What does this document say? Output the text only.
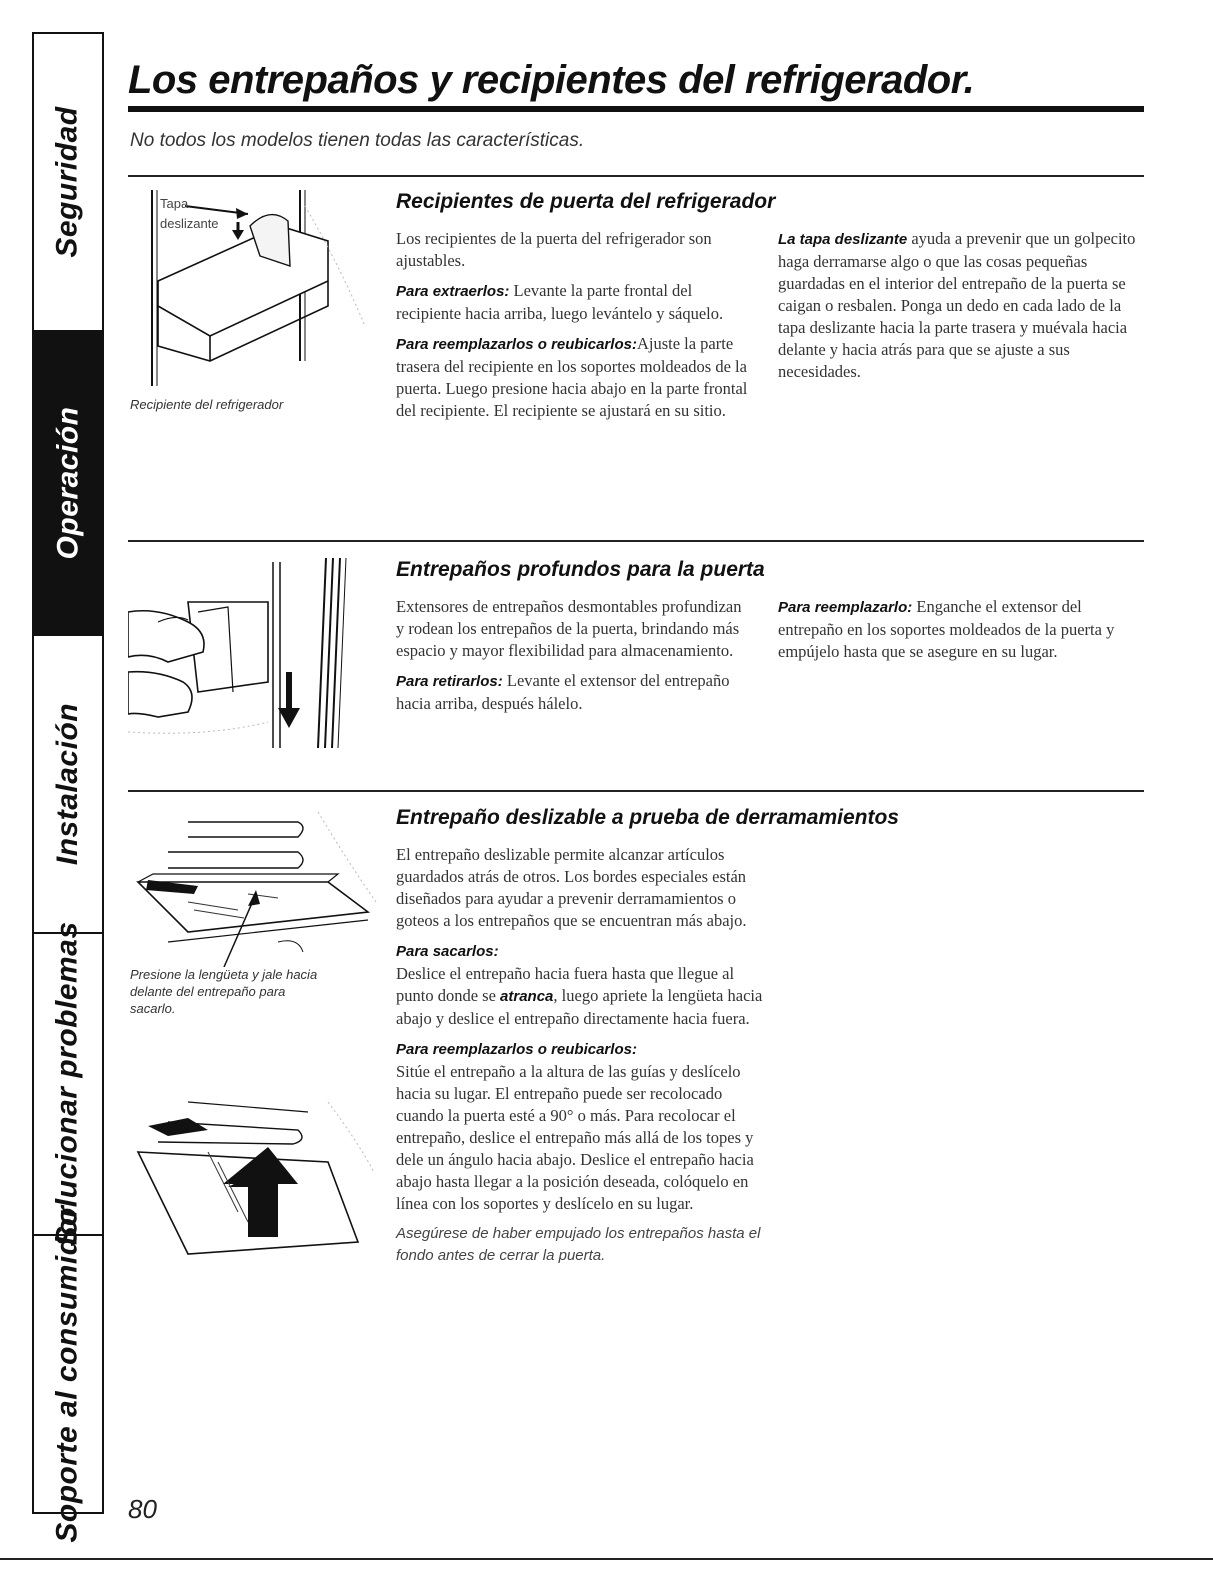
Seguridad
Operación
Instalación
Solucionar problemas
Soporte al consumidor
Los entrepaños y recipientes del refrigerador.
No todos los modelos tienen todas las características.
Tapa
deslizante
Recipiente del refrigerador
Recipientes de puerta del refrigerador

Los recipientes de la puerta del refrigerador son ajustables.

Para extraerlos: Levante la parte frontal del recipiente hacia arriba, luego levántelo y sáquelo.

Para reemplazarlos o reubicarlos:Ajuste la parte trasera del recipiente en los soportes moldeados de la puerta. Luego presione hacia abajo en la parte frontal del recipiente. El recipiente se ajustará en su sitio.

La tapa deslizante ayuda a prevenir que un golpecito haga derramarse algo o que las cosas pequeñas guardadas en el interior del entrepaño de la puerta se caigan o resbalen. Ponga un dedo en cada lado de la tapa deslizante hacia la parte trasera y muévala hacia delante y hacia atrás para que se ajuste a sus necesidades.

Entrepaños profundos para la puerta

Extensores de entrepaños desmontables profundizan y rodean los entrepaños de la puerta, brindando más espacio y mayor flexibilidad para almacenamiento.

Para retirarlos: Levante el extensor del entrepaño hacia arriba, después hálelo.

Para reemplazarlo: Enganche el extensor del entrepaño en los soportes moldeados de la puerta y empújelo hasta que se asegure en su lugar.

Presione la lengüeta y jale hacia delante del entrepaño para sacarlo.
Entrepaño deslizable a prueba de derramamientos

El entrepaño deslizable permite alcanzar artículos guardados atrás de otros. Los bordes especiales están diseñados para ayudar a prevenir derramamientos o goteos a los entrepaños que se encuentran más abajo.

Para sacarlos:
Deslice el entrepaño hacia fuera hasta que llegue al punto donde se atranca, luego apriete la lengüeta hacia abajo y deslice el entrepaño directamente hacia fuera.

Para reemplazarlos o reubicarlos:
Sitúe el entrepaño a la altura de las guías y deslícelo hacia su lugar. El entrepaño puede ser recolocado cuando la puerta esté a 90° o más. Para recolocar el entrepaño, deslice el entrepaño más allá de los topes y dele un ángulo hacia abajo. Deslice el entrepaño hacia abajo hasta llegar a la posición deseada, colóquelo en línea con los soportes y deslícelo en su lugar.

Asegúrese de haber empujado los entrepaños hasta el fondo antes de cerrar la puerta.

80
